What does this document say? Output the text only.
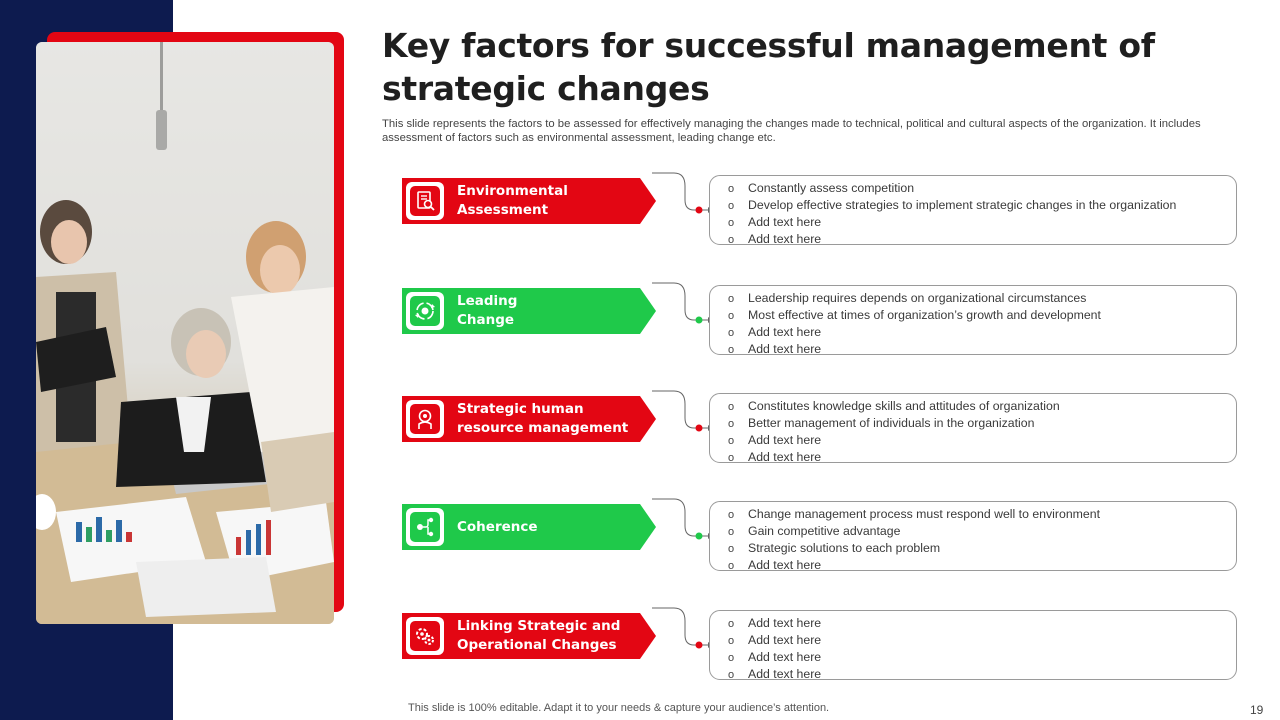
Key factors for successful management of strategic changes
This slide represents the factors to be assessed for effectively managing the changes made to technical, political and cultural aspects of the organization. It includes assessment of factors such as environmental assessment, leading change etc.
Environmental Assessment
o Constantly assess competition
o Develop effective strategies to implement strategic changes in the organization
o Add text here
o Add text here
Leading Change
o Leadership requires depends on organizational circumstances
o Most effective at times of organization’s growth and development
o Add text here
o Add text here
Strategic human resource management
o Constitutes knowledge skills and attitudes of organization
o Better management of individuals in the organization
o Add text here
o Add text here
Coherence
o Change management process must respond well to environment
o Gain competitive advantage
o Strategic solutions to each problem
o Add text here
Linking Strategic and Operational Changes
o Add text here
o Add text here
o Add text here
o Add text here
This slide is 100% editable. Adapt it to your needs & capture your audience’s attention.	19
